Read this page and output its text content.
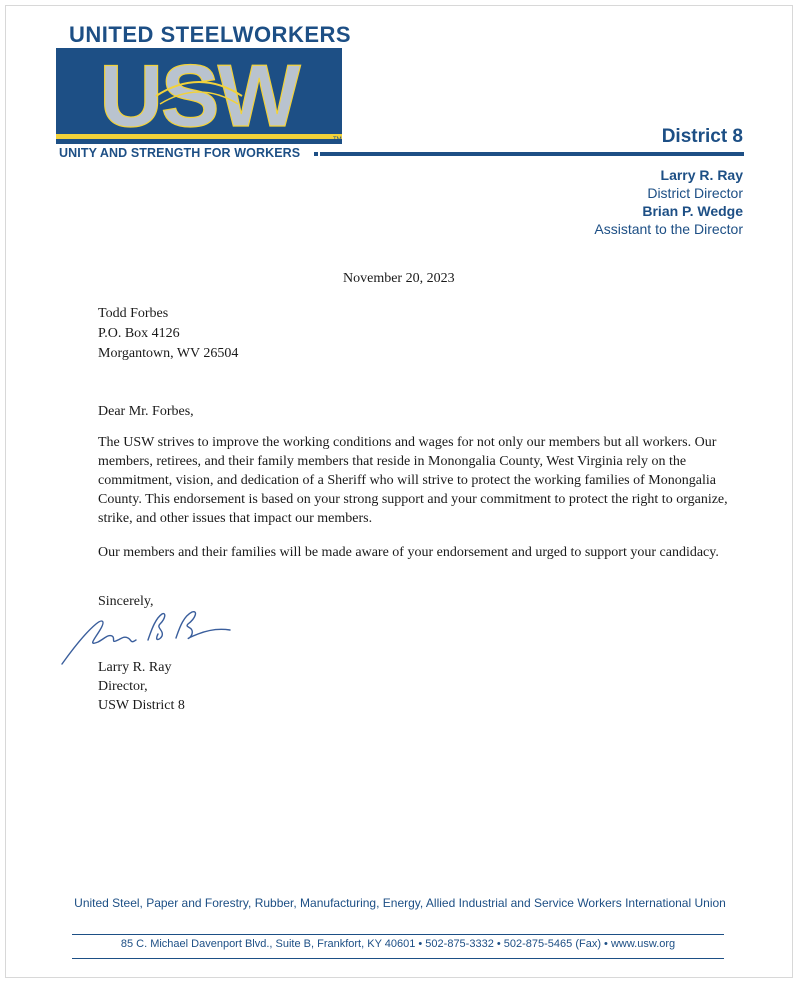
UNITED STEELWORKERS
USW	TM
UNITY AND STRENGTH FOR WORKERS
District 8
Larry R. Ray
District Director
Brian P. Wedge
Assistant to the Director
November 20, 2023
Todd Forbes
P.O. Box 4126
Morgantown, WV 26504
Dear Mr. Forbes,

The USW strives to improve the working conditions and wages for not only our members but all workers. Our members, retirees, and their family members that reside in Monongalia County, West Virginia rely on the commitment, vision, and dedication of a Sheriff who will strive to protect the working families of Monongalia County. This endorsement is based on your strong support and your commitment to protect the right to organize, strike, and other issues that impact our members.

Our members and their families will be made aware of your endorsement and urged to support your candidacy.

Sincerely,
Larry R. Ray
Director,
USW District 8
United Steel, Paper and Forestry, Rubber, Manufacturing, Energy, Allied Industrial and Service Workers International Union
85 C. Michael Davenport Blvd., Suite B, Frankfort, KY 40601 • 502-875-3332 • 502-875-5465 (Fax) • www.usw.org
